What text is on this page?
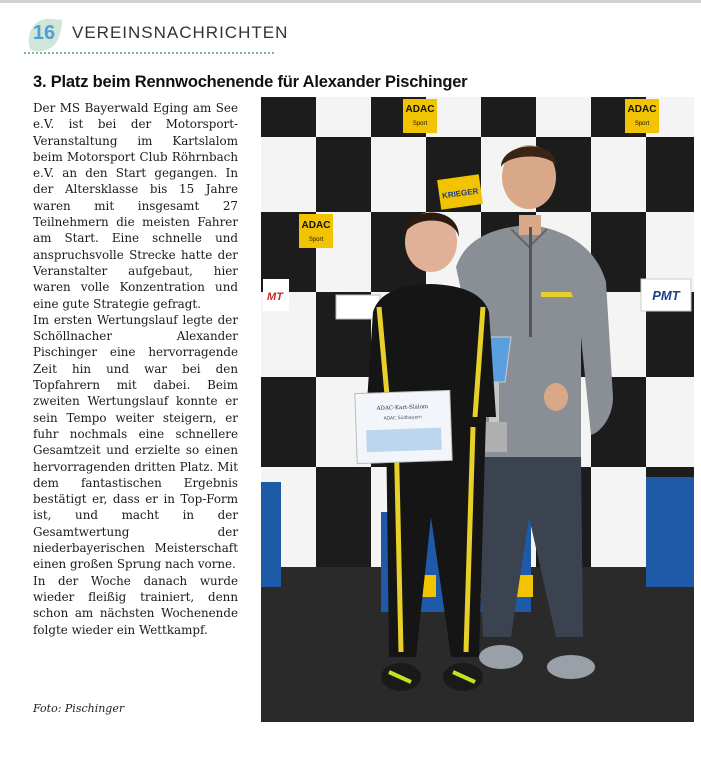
16 VEREINSNACHRICHTEN
3. Platz beim Rennwochenende für Alexander Pischinger

Der MS Bayerwald Eging am See e.V. ist bei der Motorsport-Veranstaltung im Kartslalom beim Motorsport Club Röhrnbach e.V. an den Start gegangen. In der Altersklasse bis 15 Jahre waren mit insgesamt 27 Teilnehmern die meisten Fahrer am Start. Eine schnelle und anspruchsvolle Strecke hatte der Veranstalter aufgebaut, hier waren volle Konzentration und eine gute Strategie gefragt.

Im ersten Wertungslauf legte der Schöllnacher Alexander Pischinger eine hervorragende Zeit hin und war bei den Topfahrern mit dabei. Beim zweiten Wertungslauf konnte er sein Tempo weiter steigern, er fuhr nochmals eine schnellere Gesamtzeit und erzielte so einen hervorragenden dritten Platz. Mit dem fantastischen Ergebnis bestätigt er, dass er in Top-Form ist, und macht in der Gesamtwertung der niederbayerischen Meisterschaft einen großen Sprung nach vorne.

In der Woche danach wurde wieder fleißig trainiert, denn schon am nächsten Wochenende folgte wieder ein Wettkampf.

Foto: Pischinger
ADAC
Sport
ADAC
Sport
ADAC
Sport
KRIEGER
PMT
MT
ADAC-Kart-Slalom
ADAC Südbayern
